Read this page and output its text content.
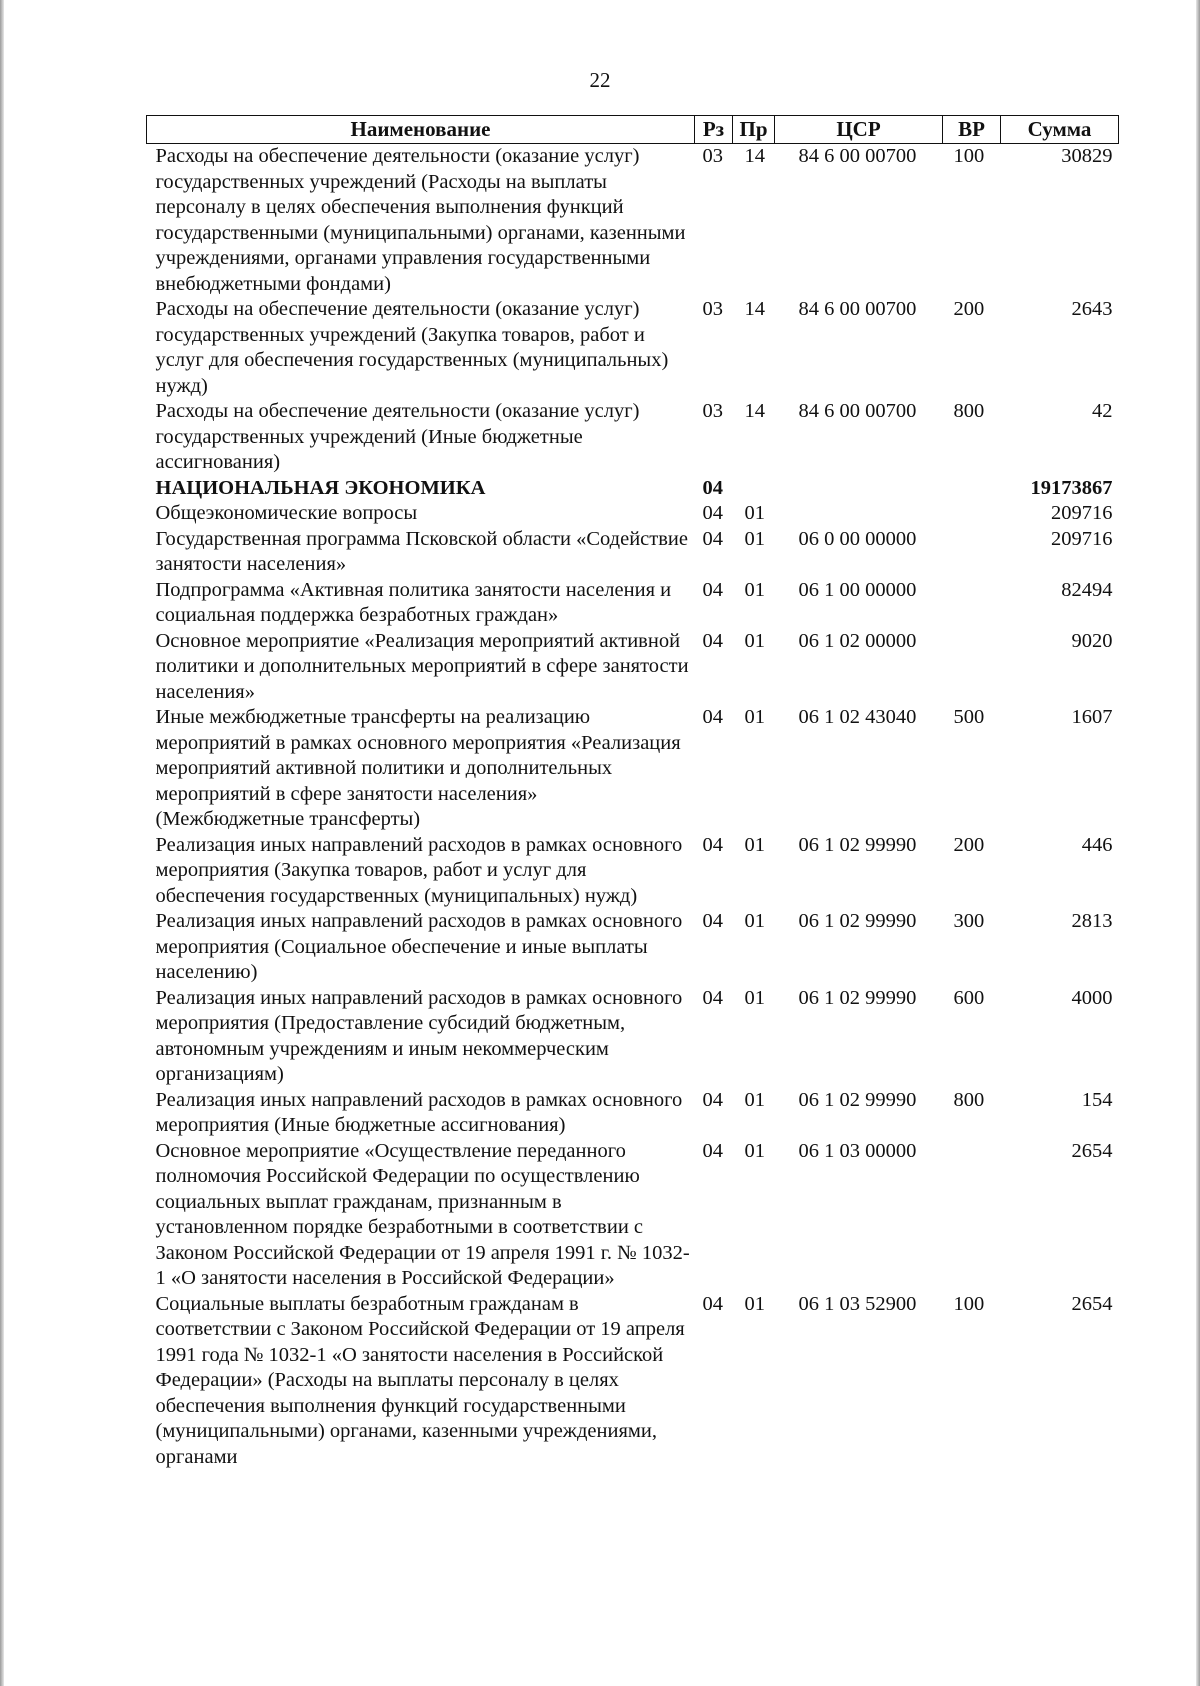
22
Наименование	Рз	Пр	ЦСР	ВР	Сумма
Расходы на обеспечение деятельности (оказание услуг) государственных учреждений (Расходы на выплаты персоналу в целях обеспечения выполнения функций государственными (муниципальными) органами, казенными учреждениями, органами управления государственными внебюджетными фондами)	03	14	84 6 00 00700	100	30829
Расходы на обеспечение деятельности (оказание услуг) государственных учреждений (Закупка товаров, работ и услуг для обеспечения государственных (муниципальных) нужд)	03	14	84 6 00 00700	200	2643
Расходы на обеспечение деятельности (оказание услуг) государственных учреждений (Иные бюджетные ассигнования)	03	14	84 6 00 00700	800	42
НАЦИОНАЛЬНАЯ ЭКОНОМИКА	04				19173867
Общеэкономические вопросы	04	01			209716
Государственная программа Псковской области «Содействие занятости населения»	04	01	06 0 00 00000		209716
Подпрограмма «Активная политика занятости населения и социальная поддержка безработных граждан»	04	01	06 1 00 00000		82494
Основное мероприятие «Реализация мероприятий активной политики и дополнительных мероприятий в сфере занятости населения»	04	01	06 1 02 00000		9020
Иные межбюджетные трансферты на реализацию мероприятий в рамках основного мероприятия «Реализация мероприятий активной политики и дополнительных мероприятий в сфере занятости населения» (Межбюджетные трансферты)	04	01	06 1 02 43040	500	1607
Реализация иных направлений расходов в рамках основного мероприятия (Закупка товаров, работ и услуг для обеспечения государственных (муниципальных) нужд)	04	01	06 1 02 99990	200	446
Реализация иных направлений расходов в рамках основного мероприятия (Социальное обеспечение и иные выплаты населению)	04	01	06 1 02 99990	300	2813
Реализация иных направлений расходов в рамках основного мероприятия (Предоставление субсидий бюджетным, автономным учреждениям и иным некоммерческим организациям)	04	01	06 1 02 99990	600	4000
Реализация иных направлений расходов в рамках основного мероприятия (Иные бюджетные ассигнования)	04	01	06 1 02 99990	800	154
Основное мероприятие «Осуществление переданного полномочия Российской Федерации по осуществлению социальных выплат гражданам, признанным в установленном порядке безработными в соответствии с Законом Российской Федерации от 19 апреля 1991 г. № 1032-1 «О занятости населения в Российской Федерации»	04	01	06 1 03 00000		2654
Социальные выплаты безработным гражданам в соответствии с Законом Российской Федерации от 19 апреля 1991 года № 1032-1 «О занятости населения в Российской Федерации» (Расходы на выплаты персоналу в целях обеспечения выполнения функций государственными (муниципальными) органами, казенными учреждениями, органами	04	01	06 1 03 52900	100	2654
